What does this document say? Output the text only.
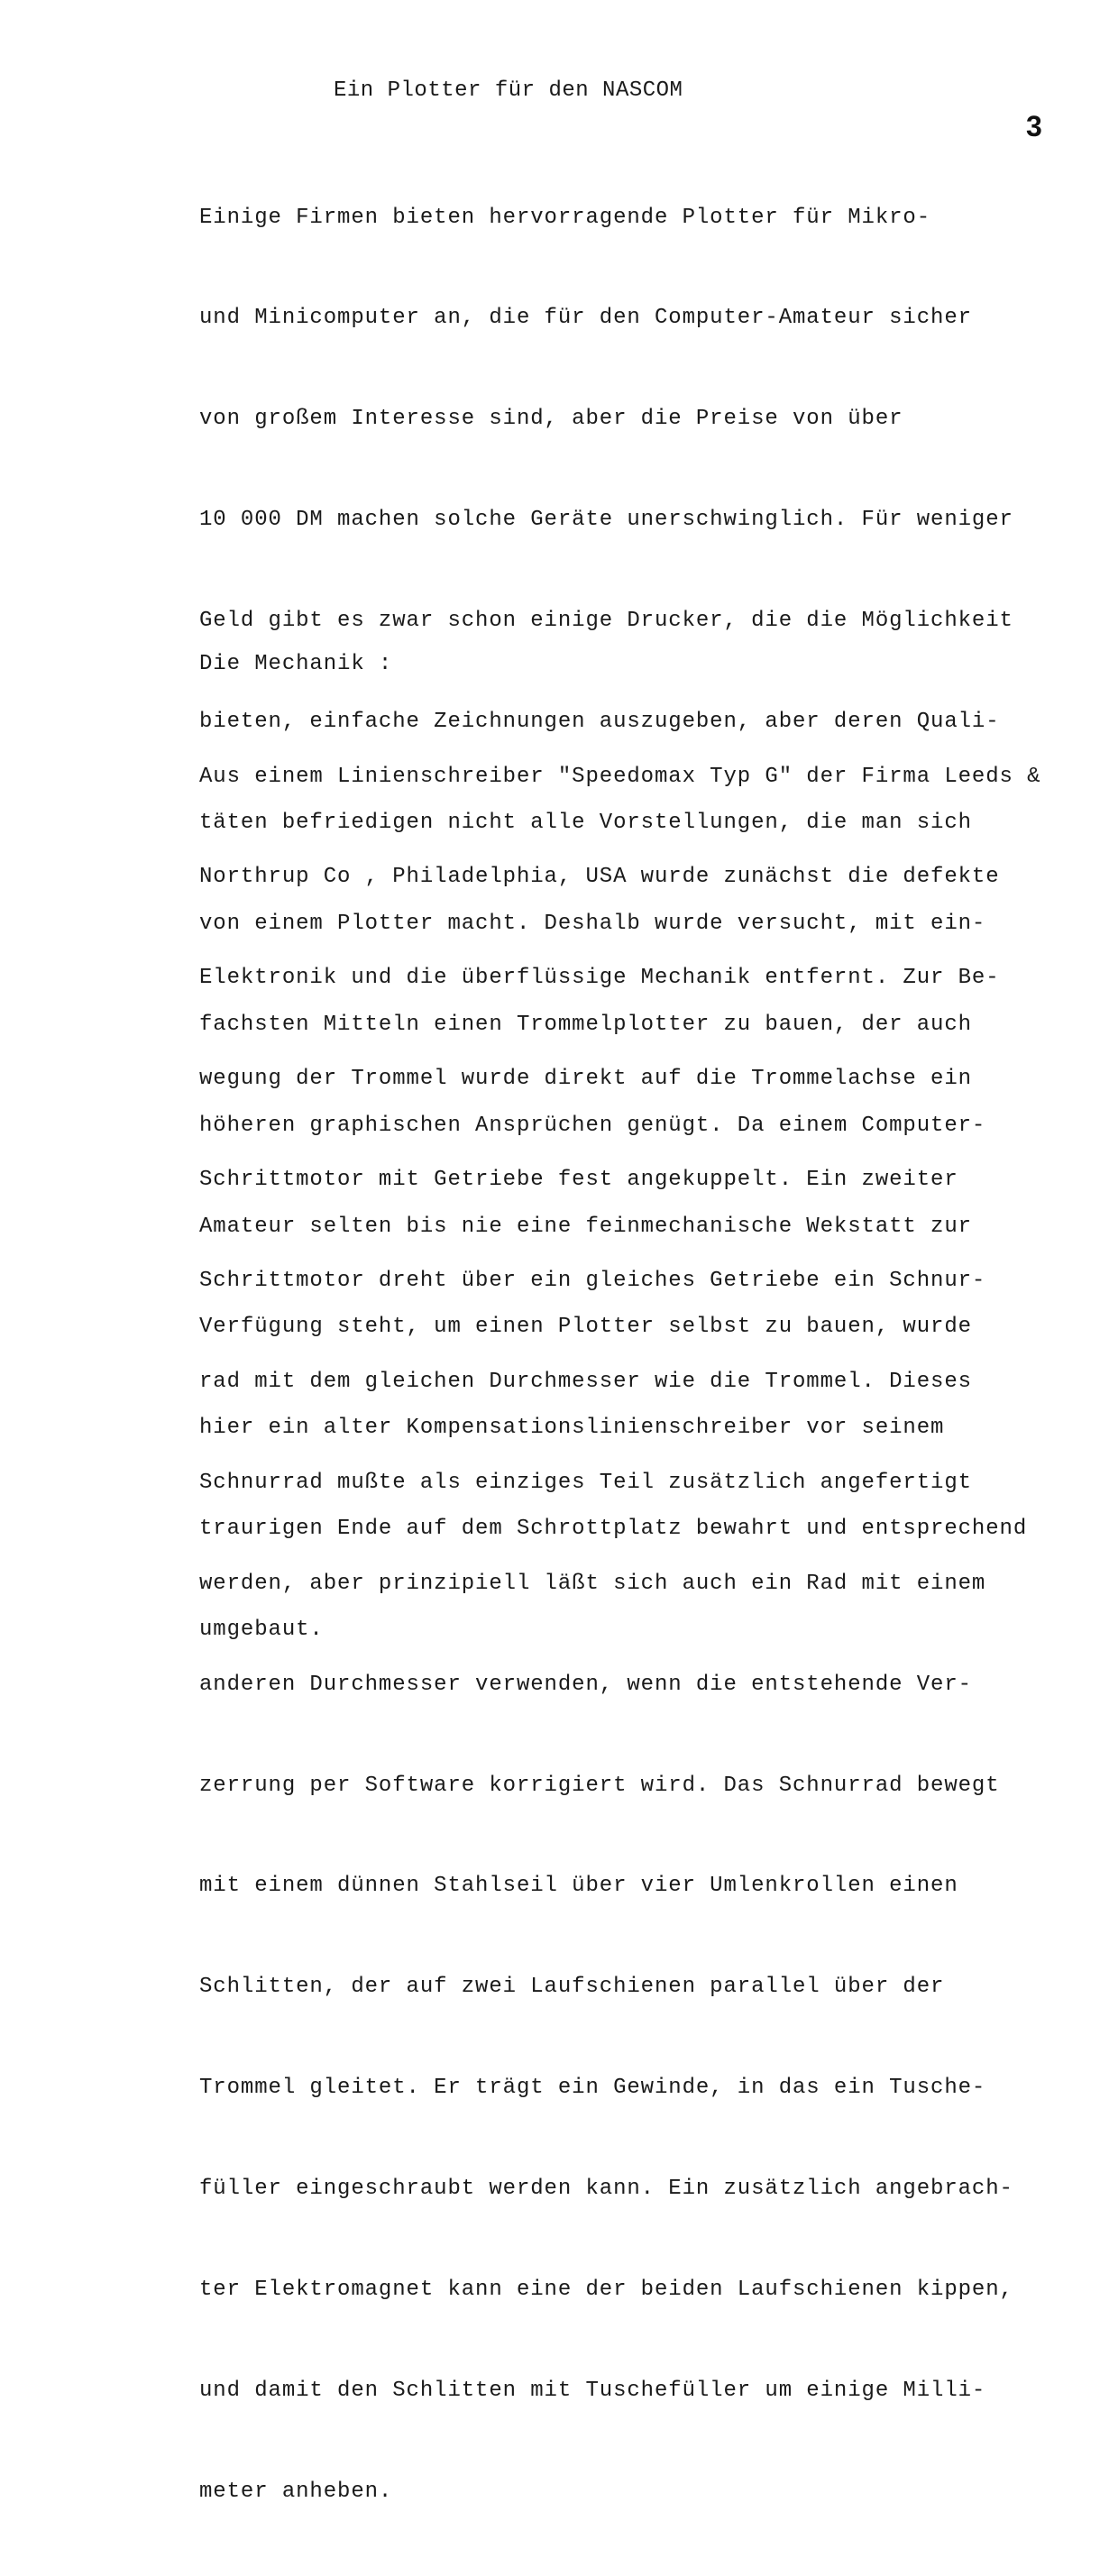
Ein Plotter für den NASCOM
3

Einige Firmen bieten hervorragende Plotter für Mikro-

und Minicomputer an, die für den Computer-Amateur sicher

von großem Interesse sind, aber die Preise von über

10 000 DM machen solche Geräte unerschwinglich. Für weniger

Geld gibt es zwar schon einige Drucker, die die Möglichkeit

bieten, einfache Zeichnungen auszugeben, aber deren Quali-

täten befriedigen nicht alle Vorstellungen, die man sich

von einem Plotter macht. Deshalb wurde versucht, mit ein-

fachsten Mitteln einen Trommelplotter zu bauen, der auch

höheren graphischen Ansprüchen genügt. Da einem Computer-

Amateur selten bis nie eine feinmechanische Wekstatt zur

Verfügung steht, um einen Plotter selbst zu bauen, wurde

hier ein alter Kompensationslinienschreiber vor seinem

traurigen Ende auf dem Schrottplatz bewahrt und entsprechend

umgebaut.

Die Mechanik :

Aus einem Linienschreiber "Speedomax Typ G" der Firma Leeds &

Northrup Co , Philadelphia, USA wurde zunächst die defekte

Elektronik und die überflüssige Mechanik entfernt. Zur Be-

wegung der Trommel wurde direkt auf die Trommelachse ein

Schrittmotor mit Getriebe fest angekuppelt. Ein zweiter

Schrittmotor dreht über ein gleiches Getriebe ein Schnur-

rad mit dem gleichen Durchmesser wie die Trommel. Dieses

Schnurrad mußte als einziges Teil zusätzlich angefertigt

werden, aber prinzipiell läßt sich auch ein Rad mit einem

anderen Durchmesser verwenden, wenn die entstehende Ver-

zerrung per Software korrigiert wird. Das Schnurrad bewegt

mit einem dünnen Stahlseil über vier Umlenkrollen einen

Schlitten, der auf zwei Laufschienen parallel über der

Trommel gleitet. Er trägt ein Gewinde, in das ein Tusche-

füller eingeschraubt werden kann. Ein zusätzlich angebrach-

ter Elektromagnet kann eine der beiden Laufschienen kippen,

und damit den Schlitten mit Tuschefüller um einige Milli-

meter anheben.
